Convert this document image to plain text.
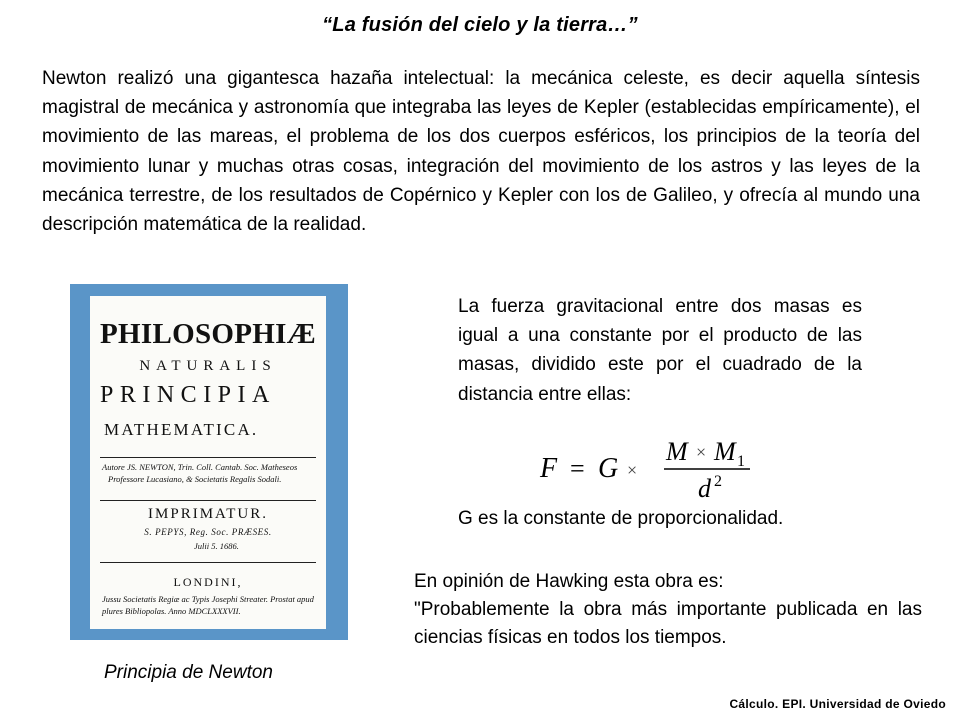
“La fusión del cielo y la tierra…”
Newton realizó una gigantesca hazaña intelectual: la mecánica celeste, es decir aquella síntesis magistral de mecánica y astronomía que integraba las leyes de Kepler (establecidas empíricamente), el movimiento de las mareas, el problema de los dos cuerpos esféricos, los principios de la teoría del movimiento lunar y muchas otras cosas, integración del movimiento de los astros y las leyes de la mecánica terrestre, de los resultados de Copérnico y Kepler con los de Galileo, y ofrecía al mundo una descripción matemática de la realidad.
PHILOSOPHIÆ
NATURALIS
PRINCIPIA
MATHEMATICA.
Autore JS. NEWTON, Trin. Coll. Cantab. Soc. Matheseos
Professore Lucasiano, & Societatis Regalis Sodali.
IMPRIMATUR.
S. PEPYS, Reg. Soc. PRÆSES.
Julii 5. 1686.
LONDINI,
Jussu Societatis Regiæ ac Typis Josephi Streater. Prostat apud
plures Bibliopolas. Anno MDCLXXXVII.
Principia de Newton
La fuerza gravitacional entre dos masas es igual a una constante por el producto de las masas, dividido este por el cuadrado de la distancia entre ellas:
F = G ×
M × M 1
d 2
G es la constante de proporcionalidad.
En opinión de Hawking esta obra es:
"Probablemente la obra más importante publicada en las ciencias físicas en todos los tiempos.
Cálculo. EPI. Universidad de Oviedo
